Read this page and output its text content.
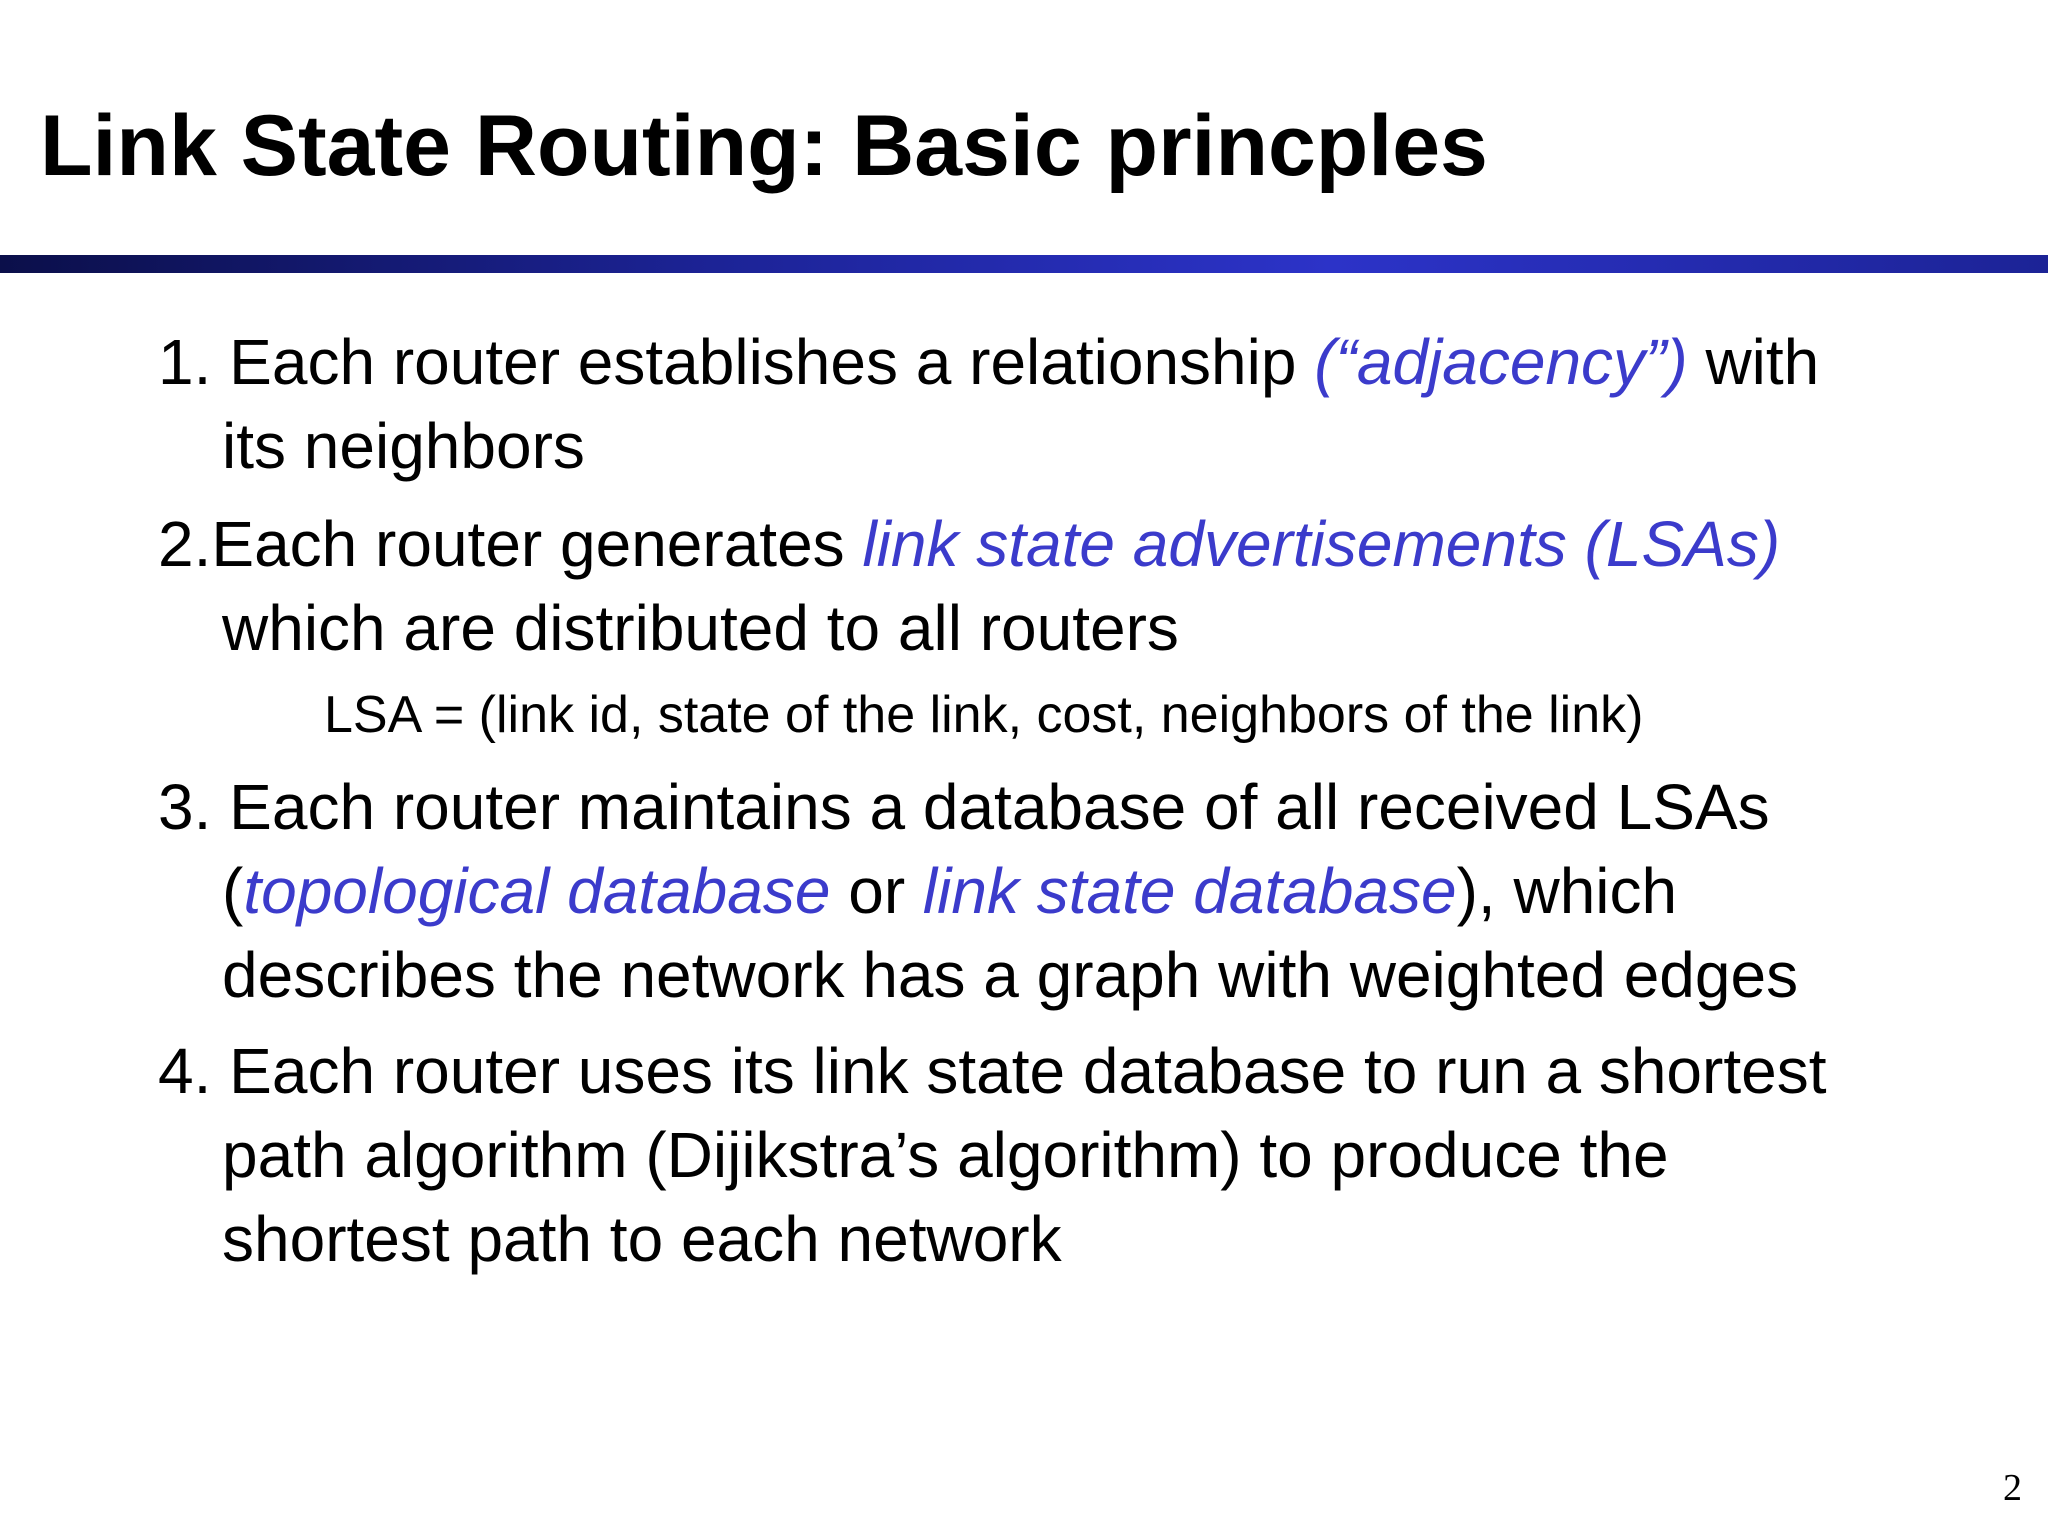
Link State Routing: Basic princples

1. Each router establishes a relationship (“adjacency”) with
its neighbors

2.Each router generates link state advertisements (LSAs)
which are distributed to all routers

LSA = (link id, state of the link, cost, neighbors of the link)

3. Each router maintains a database of all received LSAs
(topological database or link state database), which
describes the network has a graph with weighted edges

4. Each router uses its link state database to run a shortest
path algorithm (Dijikstra’s algorithm) to produce the
shortest path to each network

2
